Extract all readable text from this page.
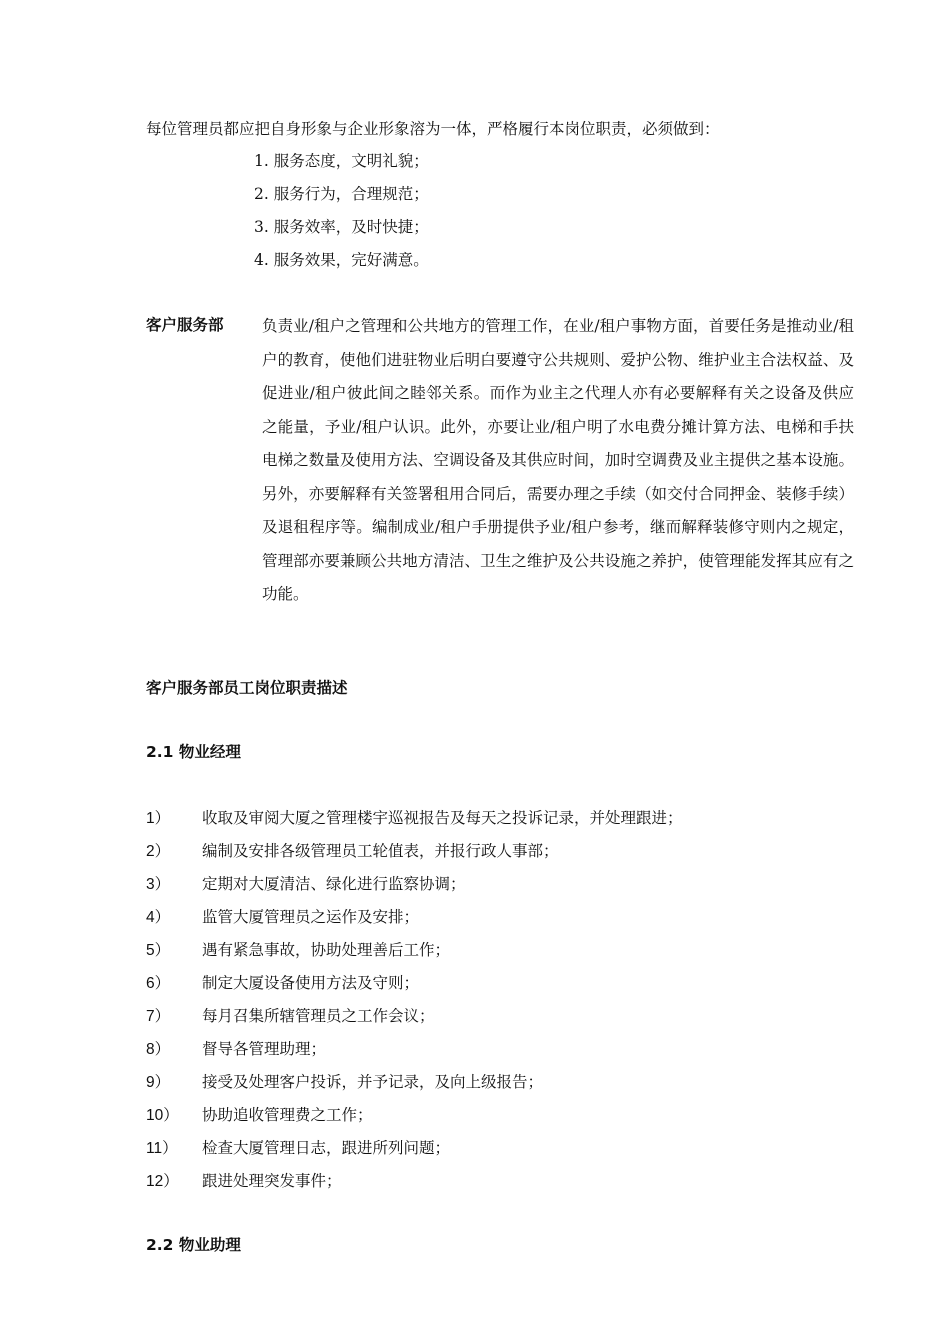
每位管理员都应把自身形象与企业形象溶为一体，严格履行本岗位职责，必须做到：
1. 服务态度，文明礼貌；
2. 服务行为，合理规范；
3. 服务效率，及时快捷；
4. 服务效果，完好满意。
客户服务部 负责业/租户之管理和公共地方的管理工作，在业/租户事物方面，首要任务是推动业/租户的教育，使他们进驻物业后明白要遵守公共规则、爱护公物、维护业主合法权益、及促进业/租户彼此间之睦邻关系。而作为业主之代理人亦有必要解释有关之设备及供应之能量，予业/租户认识。此外，亦要让业/租户明了水电费分摊计算方法、电梯和手扶电梯之数量及使用方法、空调设备及其供应时间，加时空调费及业主提供之基本设施。另外，亦要解释有关签署租用合同后，需要办理之手续（如交付合同押金、装修手续）及退租程序等。编制成业/租户手册提供予业/租户参考，继而解释装修守则内之规定，管理部亦要兼顾公共地方清洁、卫生之维护及公共设施之养护，使管理能发挥其应有之功能。
客户服务部员工岗位职责描述
2.1 物业经理
1） 收取及审阅大厦之管理楼宇巡视报告及每天之投诉记录，并处理跟进；
2） 编制及安排各级管理员工轮值表，并报行政人事部；
3） 定期对大厦清洁、绿化进行监察协调；
4） 监管大厦管理员之运作及安排；
5） 遇有紧急事故，协助处理善后工作；
6） 制定大厦设备使用方法及守则；
7） 每月召集所辖管理员之工作会议；
8） 督导各管理助理；
9） 接受及处理客户投诉，并予记录，及向上级报告；
10） 协助追收管理费之工作；
11） 检查大厦管理日志，跟进所列问题；
12） 跟进处理突发事件；
2.2 物业助理
